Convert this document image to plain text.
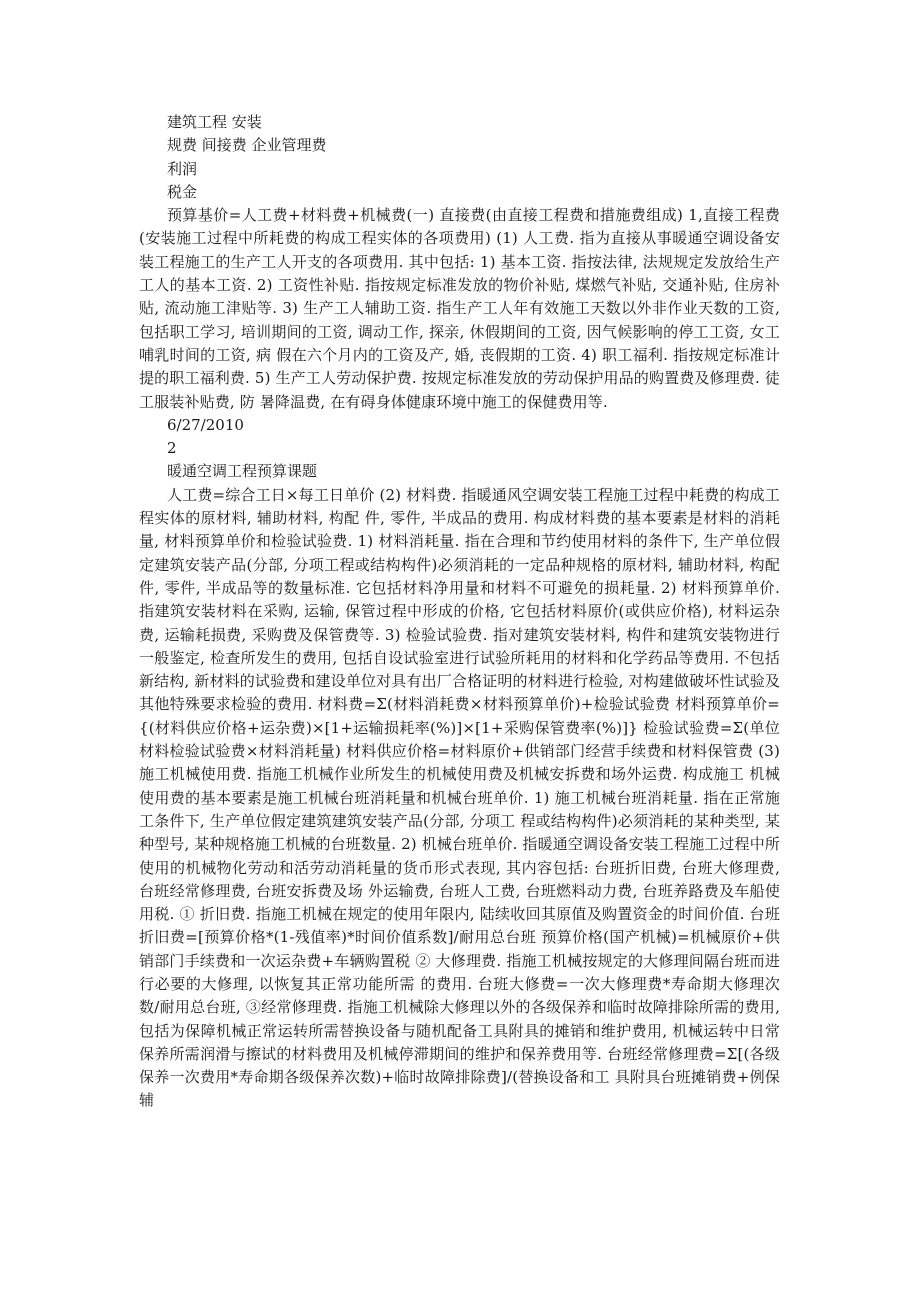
建筑工程 安装

规费 间接费 企业管理费

利润

税金

预算基价=人工费+材料费+机械费(一) 直接费(由直接工程费和措施费组成) 1,直接工程费(安装施工过程中所耗费的构成工程实体的各项费用) (1) 人工费. 指为直接从事暖通空调设备安装工程施工的生产工人开支的各项费用. 其中包括: 1) 基本工资. 指按法律, 法规规定发放给生产工人的基本工资. 2) 工资性补贴. 指按规定标准发放的物价补贴, 煤燃气补贴, 交通补贴, 住房补贴, 流动施工津贴等. 3) 生产工人辅助工资. 指生产工人年有效施工天数以外非作业天数的工资, 包括职工学习, 培训期间的工资, 调动工作, 探亲, 休假期间的工资, 因气候影响的停工工资, 女工哺乳时间的工资, 病 假在六个月内的工资及产, 婚, 丧假期的工资. 4) 职工福利. 指按规定标准计提的职工福利费. 5) 生产工人劳动保护费. 按规定标准发放的劳动保护用品的购置费及修理费. 徒工服装补贴费, 防 暑降温费, 在有碍身体健康环境中施工的保健费用等.

6/27/2010

2

暖通空调工程预算课题

人工费=综合工日×每工日单价 (2) 材料费. 指暖通风空调安装工程施工过程中耗费的构成工程实体的原材料, 辅助材料, 构配 件, 零件, 半成品的费用. 构成材料费的基本要素是材料的消耗量, 材料预算单价和检验试验费. 1) 材料消耗量. 指在合理和节约使用材料的条件下, 生产单位假定建筑安装产品(分部, 分项工程或结构构件)必须消耗的一定品种规格的原材料, 辅助材料, 构配件, 零件, 半成品等的数量标准. 它包括材料净用量和材料不可避免的损耗量. 2) 材料预算单价. 指建筑安装材料在采购, 运输, 保管过程中形成的价格, 它包括材料原价(或供应价格), 材料运杂费, 运输耗损费, 采购费及保管费等. 3) 检验试验费. 指对建筑安装材料, 构件和建筑安装物进行一般鉴定, 检查所发生的费用, 包括自设试验室进行试验所耗用的材料和化学药品等费用. 不包括新结构, 新材料的试验费和建设单位对具有出厂合格证明的材料进行检验, 对构建做破坏性试验及其他特殊要求检验的费用. 材料费=Σ(材料消耗费×材料预算单价)+检验试验费 材料预算单价={(材料供应价格+运杂费)×[1+运输损耗率(%)]×[1+采购保管费率(%)]} 检验试验费=Σ(单位材料检验试验费×材料消耗量) 材料供应价格=材料原价+供销部门经营手续费和材料保管费 (3) 施工机械使用费. 指施工机械作业所发生的机械使用费及机械安拆费和场外运费. 构成施工 机械使用费的基本要素是施工机械台班消耗量和机械台班单价. 1) 施工机械台班消耗量. 指在正常施工条件下, 生产单位假定建筑建筑安装产品(分部, 分项工 程或结构构件)必须消耗的某种类型, 某种型号, 某种规格施工机械的台班数量. 2) 机械台班单价. 指暖通空调设备安装工程施工过程中所使用的机械物化劳动和活劳动消耗量的货币形式表现, 其内容包括: 台班折旧费, 台班大修理费, 台班经常修理费, 台班安拆费及场 外运输费, 台班人工费, 台班燃料动力费, 台班养路费及车船使用税. ① 折旧费. 指施工机械在规定的使用年限内, 陆续收回其原值及购置资金的时间价值. 台班折旧费=[预算价格*(1-残值率)*时间价值系数]/耐用总台班 预算价格(国产机械)=机械原价+供销部门手续费和一次运杂费+车辆购置税 ② 大修理费. 指施工机械按规定的大修理间隔台班而进行必要的大修理, 以恢复其正常功能所需 的费用. 台班大修费=一次大修理费*寿命期大修理次数/耐用总台班, ③经常修理费. 指施工机械除大修理以外的各级保养和临时故障排除所需的费用, 包括为保障机械正常运转所需替换设备与随机配备工具附具的摊销和维护费用, 机械运转中日常保养所需润滑与擦试的材料费用及机械停滞期间的维护和保养费用等. 台班经常修理费=Σ[(各级保养一次费用*寿命期各级保养次数)+临时故障排除费]/(替换设备和工 具附具台班摊销费+例保辅
